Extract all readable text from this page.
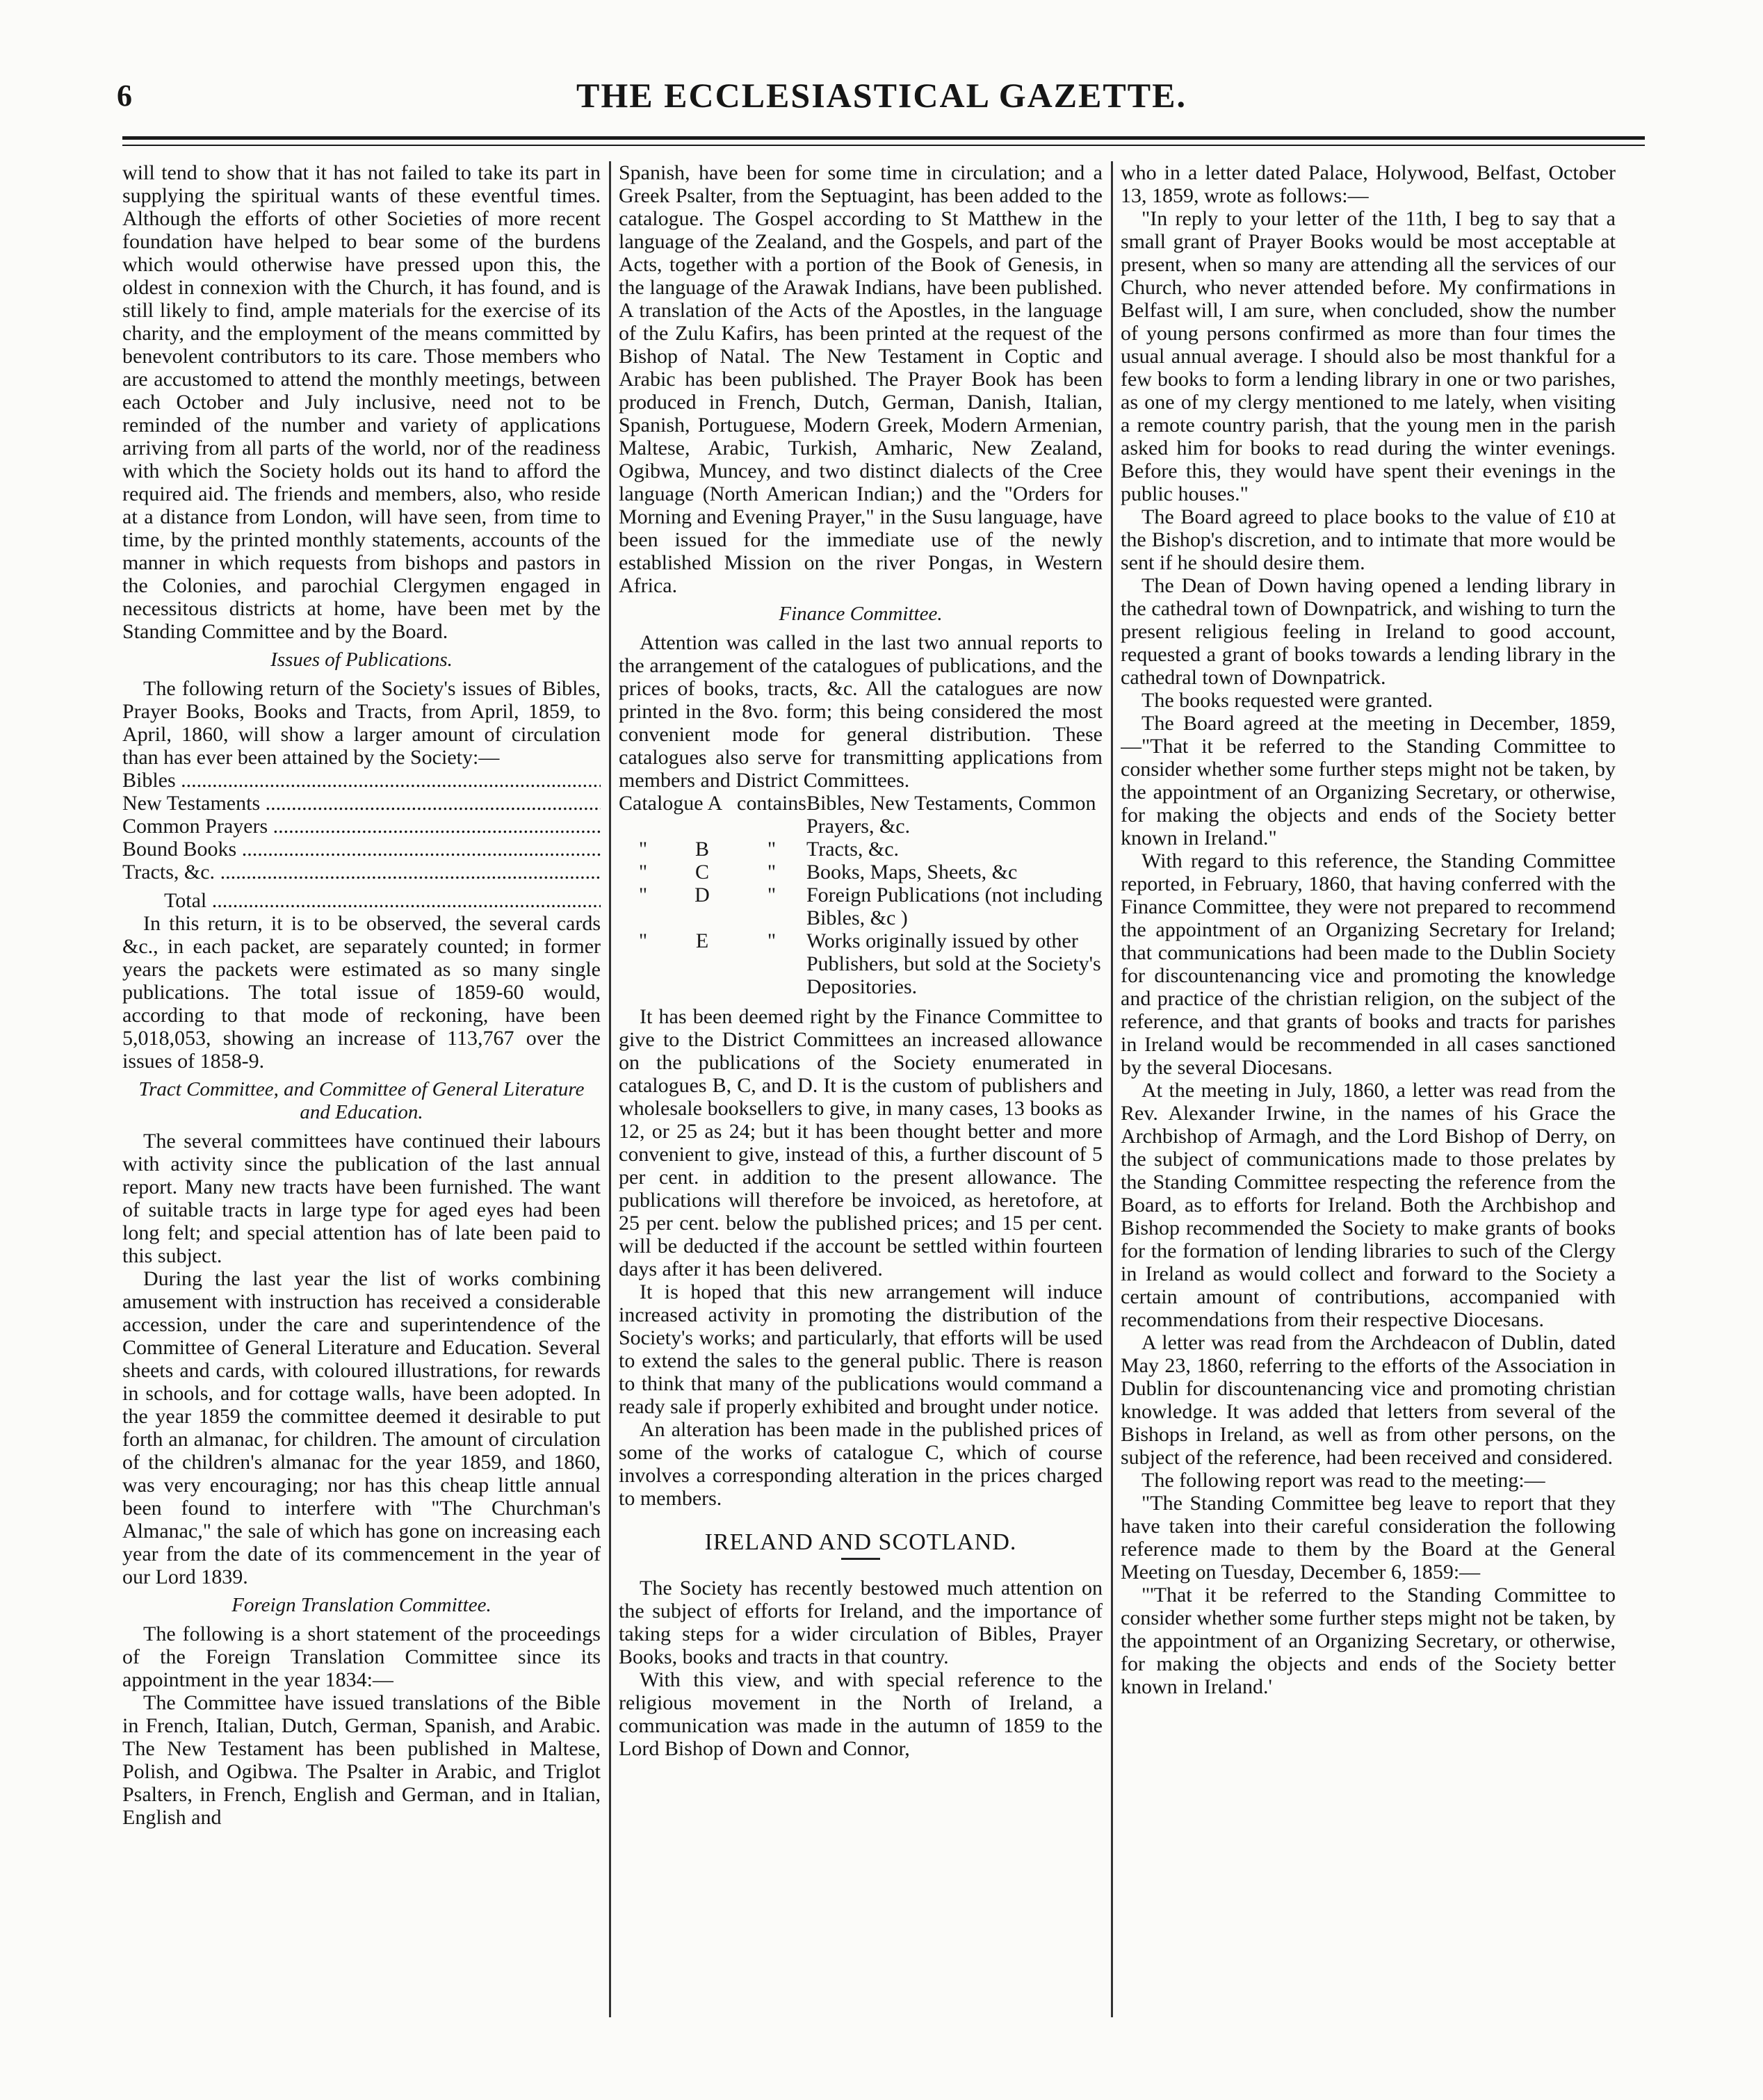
6	THE ECCLESIASTICAL GAZETTE.

will tend to show that it has not failed to take its part in supplying the spiritual wants of these eventful times. Although the efforts of other Societies of more recent foundation have helped to bear some of the burdens which would otherwise have pressed upon this, the oldest in connexion with the Church, it has found, and is still likely to find, ample materials for the exercise of its charity, and the employment of the means committed by benevolent contributors to its care. Those members who are accustomed to attend the monthly meetings, between each October and July inclusive, need not to be reminded of the number and variety of applications arriving from all parts of the world, nor of the readiness with which the Society holds out its hand to afford the required aid. The friends and members, also, who reside at a distance from London, will have seen, from time to time, by the printed monthly statements, accounts of the manner in which requests from bishops and pastors in the Colonies, and parochial Clergymen engaged in necessitous districts at home, have been met by the Standing Committee and by the Board.

Issues of Publications.

The following return of the Society's issues of Bibles, Prayer Books, Books and Tracts, from April, 1859, to April, 1860, will show a larger amount of circulation than has ever been attained by the Society:—

Bibles .....	
New Testaments .....	
Common Prayers .....	
Bound Books .....	
Tracts, &c. .....	

Total .....	

In this return, it is to be observed, the several cards &c., in each packet, are separately counted; in former years the packets were estimated as so many single publications. The total issue of 1859-60 would, according to that mode of reckoning, have been 5,018,053, showing an increase of 113,767 over the issues of 1858-9.

Tract Committee, and Committee of General Literature and Education.

The several committees have continued their labours with activity since the publication of the last annual report. Many new tracts have been furnished. The want of suitable tracts in large type for aged eyes had been long felt; and special attention has of late been paid to this subject.

During the last year the list of works combining amusement with instruction has received a considerable accession, under the care and superintendence of the Committee of General Literature and Education. Several sheets and cards, with coloured illustrations, for rewards in schools, and for cottage walls, have been adopted. In the year 1859 the committee deemed it desirable to put forth an almanac, for children. The amount of circulation of the children's almanac for the year 1859, and 1860, was very encouraging; nor has this cheap little annual been found to interfere with "The Churchman's Almanac," the sale of which has gone on increasing each year from the date of its commencement in the year of our Lord 1839.

Foreign Translation Committee.

The following is a short statement of the proceedings of the Foreign Translation Committee since its appointment in the year 1834:—

The Committee have issued translations of the Bible in French, Italian, Dutch, German, Spanish, and Arabic. The New Testament has been published in Maltese, Polish, and Ogibwa. The Psalter in Arabic, and Triglot Psalters, in French, English and German, and in Italian, English and

Spanish, have been for some time in circulation; and a Greek Psalter, from the Septuagint, has been added to the catalogue. The Gospel according to St Matthew in the language of the Zealand, and the Gospels, and part of the Acts, together with a portion of the Book of Genesis, in the language of the Arawak Indians, have been published. A translation of the Acts of the Apostles, in the language of the Zulu Kafirs, has been printed at the request of the Bishop of Natal. The New Testament in Coptic and Arabic has been published. The Prayer Book has been produced in French, Dutch, German, Danish, Italian, Spanish, Portuguese, Modern Greek, Modern Armenian, Maltese, Arabic, Turkish, Amharic, New Zealand, Ogibwa, Muncey, and two distinct dialects of the Cree language (North American Indian;) and the "Orders for Morning and Evening Prayer," in the Susu language, have been issued for the immediate use of the newly established Mission on the river Pongas, in Western Africa.

Finance Committee.

Attention was called in the last two annual reports to the arrangement of the catalogues of publications, and the prices of books, tracts, &c. All the catalogues are now printed in the 8vo. form; this being considered the most convenient mode for general distribution. These catalogues also serve for transmitting applications from members and District Committees.

Catalogue A		contains	Bibles, New Testaments, Common Prayers, &c.
"	B	"	Tracts, &c.
"	C	"	Books, Maps, Sheets, &c
"	D	"	Foreign Publications (not including Bibles, &c )
"	E	"	Works originally issued by other Publishers, but sold at the Society's Depositories.

It has been deemed right by the Finance Committee to give to the District Committees an increased allowance on the publications of the Society enumerated in catalogues B, C, and D. It is the custom of publishers and wholesale booksellers to give, in many cases, 13 books as 12, or 25 as 24; but it has been thought better and more convenient to give, instead of this, a further discount of 5 per cent. in addition to the present allowance. The publications will therefore be invoiced, as heretofore, at 25 per cent. below the published prices; and 15 per cent. will be deducted if the account be settled within fourteen days after it has been delivered.

It is hoped that this new arrangement will induce increased activity in promoting the distribution of the Society's works; and particularly, that efforts will be used to extend the sales to the general public. There is reason to think that many of the publications would command a ready sale if properly exhibited and brought under notice.

An alteration has been made in the published prices of some of the works of catalogue C, which of course involves a corresponding alteration in the prices charged to members.

IRELAND AND SCOTLAND.

The Society has recently bestowed much attention on the subject of efforts for Ireland, and the importance of taking steps for a wider circulation of Bibles, Prayer Books, books and tracts in that country.

With this view, and with special reference to the religious movement in the North of Ireland, a communication was made in the autumn of 1859 to the Lord Bishop of Down and Connor,

who in a letter dated Palace, Holywood, Belfast, October 13, 1859, wrote as follows:—

"In reply to your letter of the 11th, I beg to say that a small grant of Prayer Books would be most acceptable at present, when so many are attending all the services of our Church, who never attended before. My confirmations in Belfast will, I am sure, when concluded, show the number of young persons confirmed as more than four times the usual annual average. I should also be most thankful for a few books to form a lending library in one or two parishes, as one of my clergy mentioned to me lately, when visiting a remote country parish, that the young men in the parish asked him for books to read during the winter evenings. Before this, they would have spent their evenings in the public houses."

The Board agreed to place books to the value of £10 at the Bishop's discretion, and to intimate that more would be sent if he should desire them.

The Dean of Down having opened a lending library in the cathedral town of Downpatrick, and wishing to turn the present religious feeling in Ireland to good account, requested a grant of books towards a lending library in the cathedral town of Downpatrick.

The books requested were granted.

The Board agreed at the meeting in December, 1859,—"That it be referred to the Standing Committee to consider whether some further steps might not be taken, by the appointment of an Organizing Secretary, or otherwise, for making the objects and ends of the Society better known in Ireland."

With regard to this reference, the Standing Committee reported, in February, 1860, that having conferred with the Finance Committee, they were not prepared to recommend the appointment of an Organizing Secretary for Ireland; that communications had been made to the Dublin Society for discountenancing vice and promoting the knowledge and practice of the christian religion, on the subject of the reference, and that grants of books and tracts for parishes in Ireland would be recommended in all cases sanctioned by the several Diocesans.

At the meeting in July, 1860, a letter was read from the Rev. Alexander Irwine, in the names of his Grace the Archbishop of Armagh, and the Lord Bishop of Derry, on the subject of communications made to those prelates by the Standing Committee respecting the reference from the Board, as to efforts for Ireland. Both the Archbishop and Bishop recommended the Society to make grants of books for the formation of lending libraries to such of the Clergy in Ireland as would collect and forward to the Society a certain amount of contributions, accompanied with recommendations from their respective Diocesans.

A letter was read from the Archdeacon of Dublin, dated May 23, 1860, referring to the efforts of the Association in Dublin for discountenancing vice and promoting christian knowledge. It was added that letters from several of the Bishops in Ireland, as well as from other persons, on the subject of the reference, had been received and considered.

The following report was read to the meeting:—

"The Standing Committee beg leave to report that they have taken into their careful consideration the following reference made to them by the Board at the General Meeting on Tuesday, December 6, 1859:—

"'That it be referred to the Standing Committee to consider whether some further steps might not be taken, by the appointment of an Organizing Secretary, or otherwise, for making the objects and ends of the Society better known in Ireland.'
